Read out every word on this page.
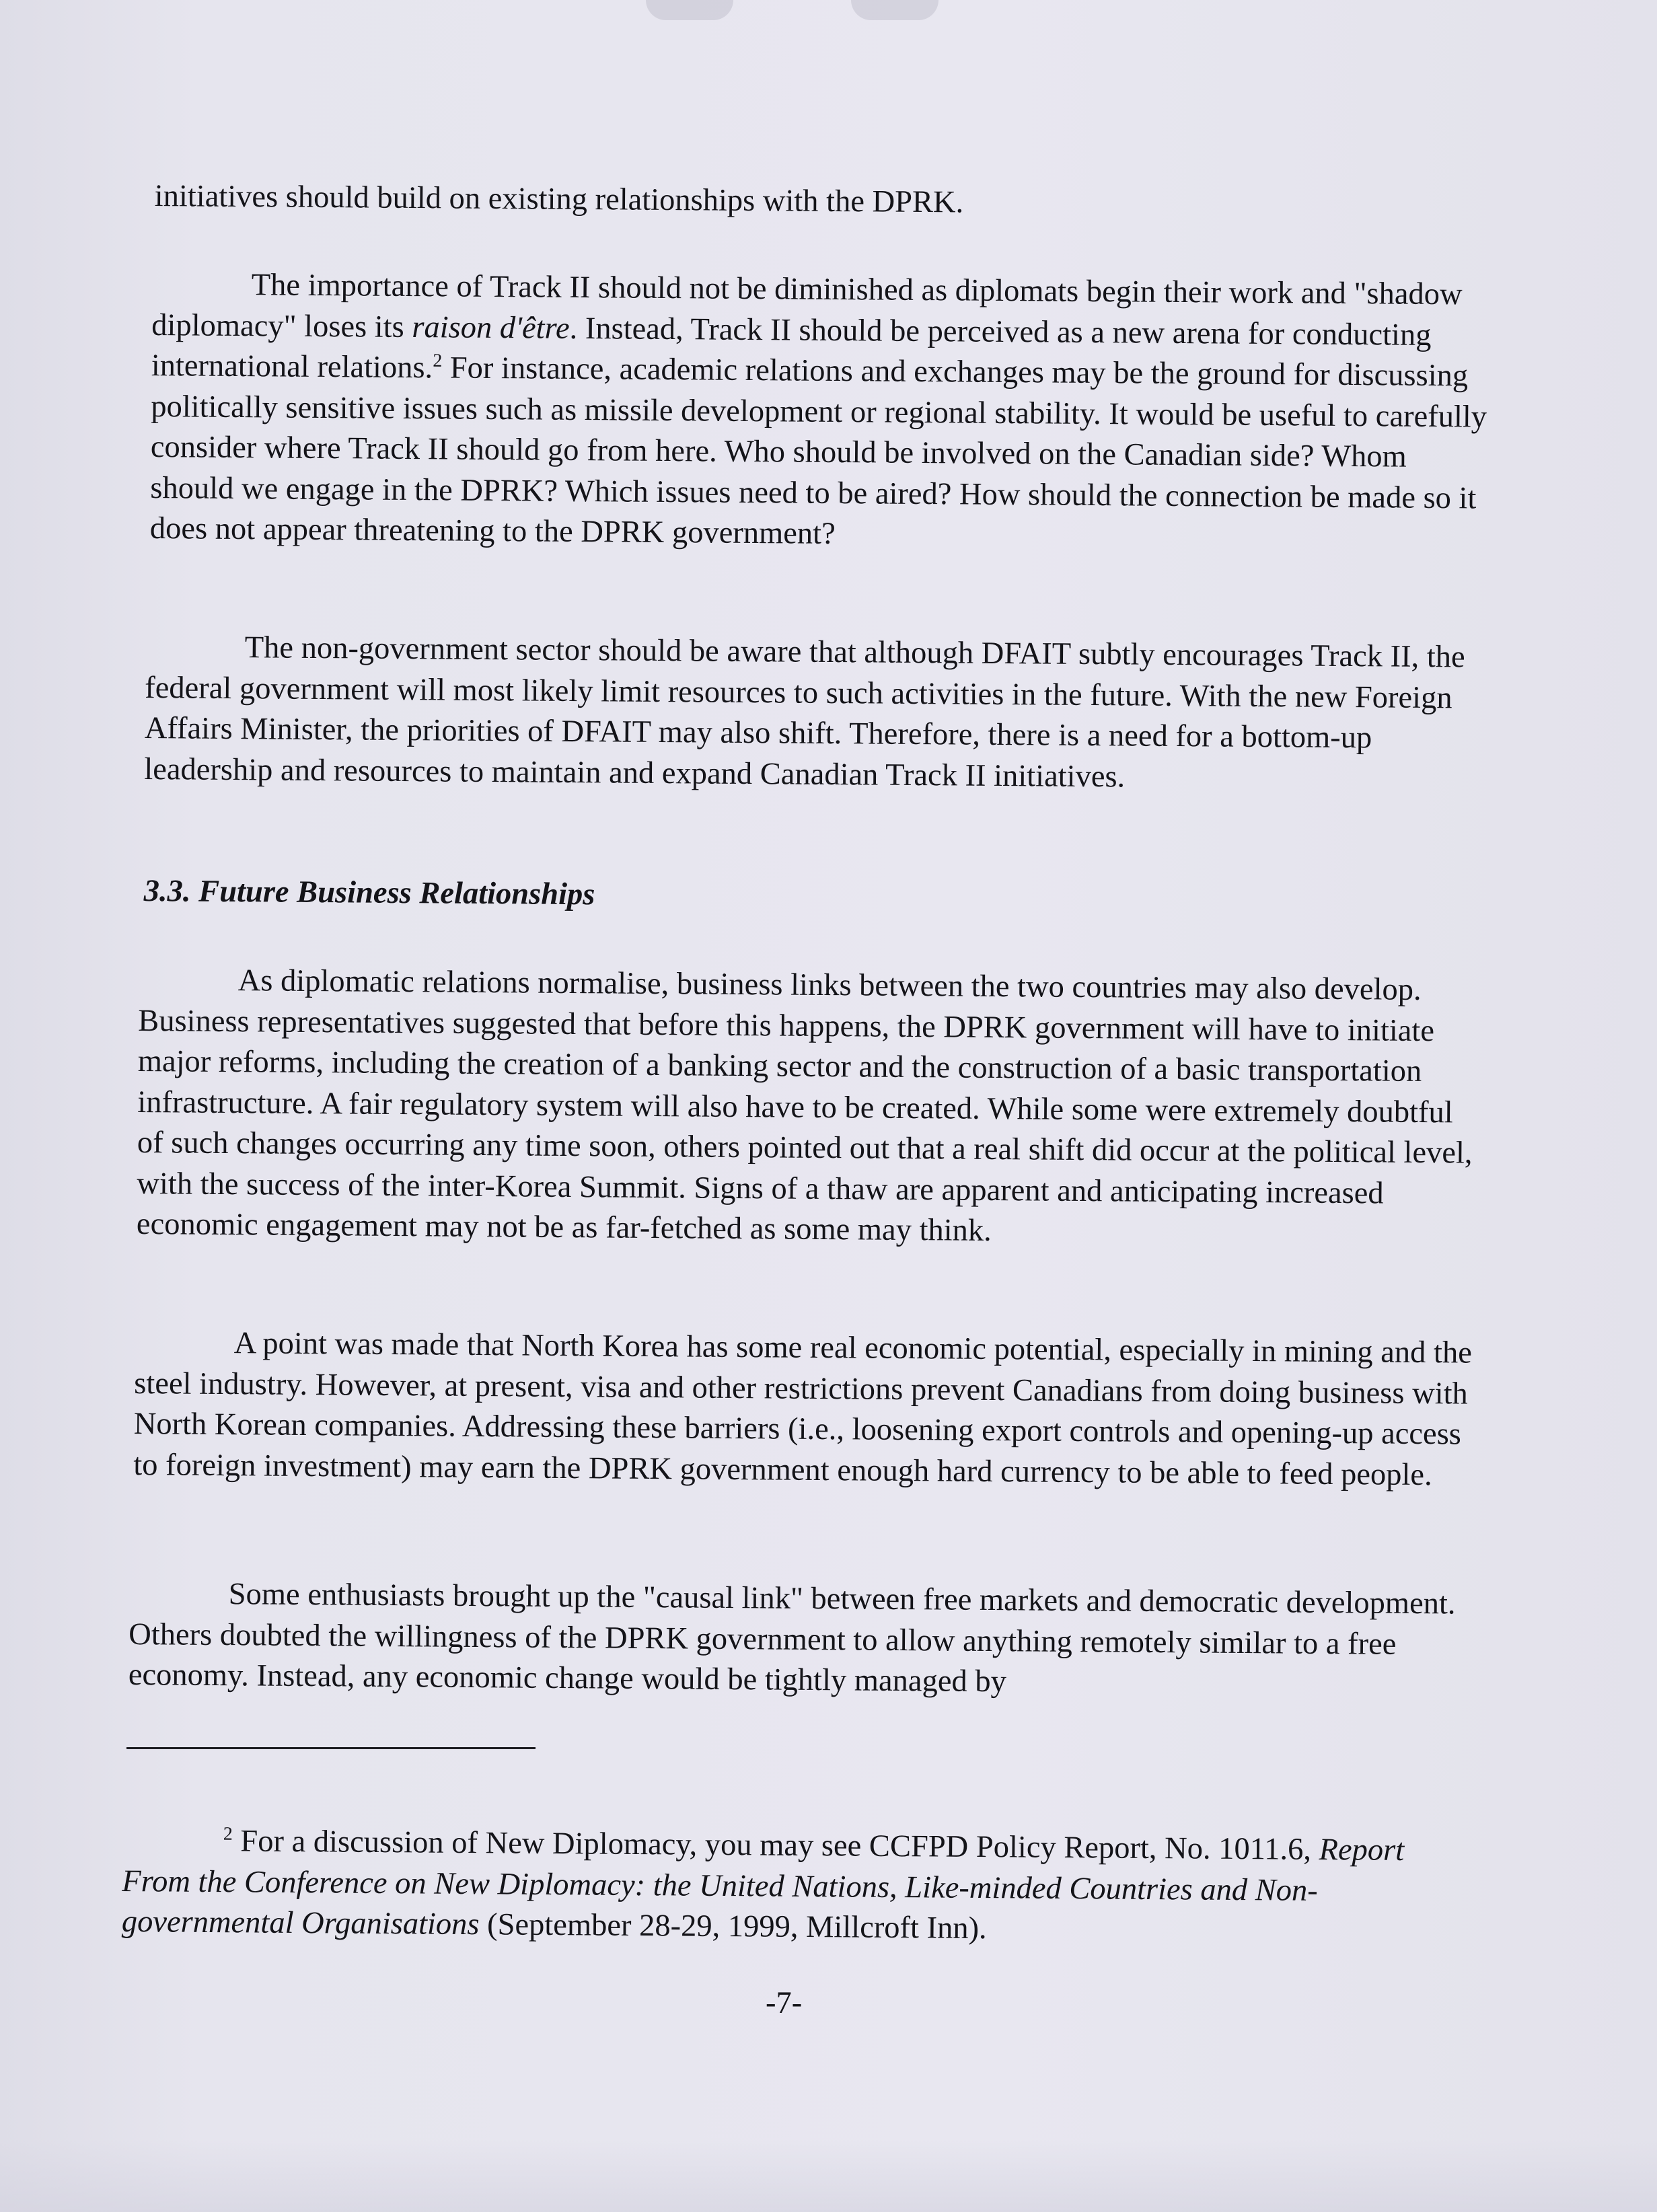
initiatives should build on existing relationships with the DPRK.

The importance of Track II should not be diminished as diplomats begin their work and "shadow diplomacy" loses its raison d'être. Instead, Track II should be perceived as a new arena for conducting international relations.$^2$ For instance, academic relations and exchanges may be the ground for discussing politically sensitive issues such as missile development or regional stability. It would be useful to carefully consider where Track II should go from here. Who should be involved on the Canadian side? Whom should we engage in the DPRK? Which issues need to be aired? How should the connection be made so it does not appear threatening to the DPRK government?

The non-government sector should be aware that although DFAIT subtly encourages Track II, the federal government will most likely limit resources to such activities in the future. With the new Foreign Affairs Minister, the priorities of DFAIT may also shift. Therefore, there is a need for a bottom-up leadership and resources to maintain and expand Canadian Track II initiatives.

3.3. Future Business Relationships

As diplomatic relations normalise, business links between the two countries may also develop. Business representatives suggested that before this happens, the DPRK government will have to initiate major reforms, including the creation of a banking sector and the construction of a basic transportation infrastructure. A fair regulatory system will also have to be created. While some were extremely doubtful of such changes occurring any time soon, others pointed out that a real shift did occur at the political level, with the success of the inter-Korea Summit. Signs of a thaw are apparent and anticipating increased economic engagement may not be as far-fetched as some may think.

A point was made that North Korea has some real economic potential, especially in mining and the steel industry. However, at present, visa and other restrictions prevent Canadians from doing business with North Korean companies. Addressing these barriers (i.e., loosening export controls and opening-up access to foreign investment) may earn the DPRK government enough hard currency to be able to feed people.

Some enthusiasts brought up the "causal link" between free markets and democratic development. Others doubted the willingness of the DPRK government to allow anything remotely similar to a free economy. Instead, any economic change would be tightly managed by

$^2$ For a discussion of New Diplomacy, you may see CCFPD Policy Report, No. 1011.6, Report From the Conference on New Diplomacy: the United Nations, Like-minded Countries and Non-governmental Organisations (September 28-29, 1999, Millcroft Inn).

-7-
